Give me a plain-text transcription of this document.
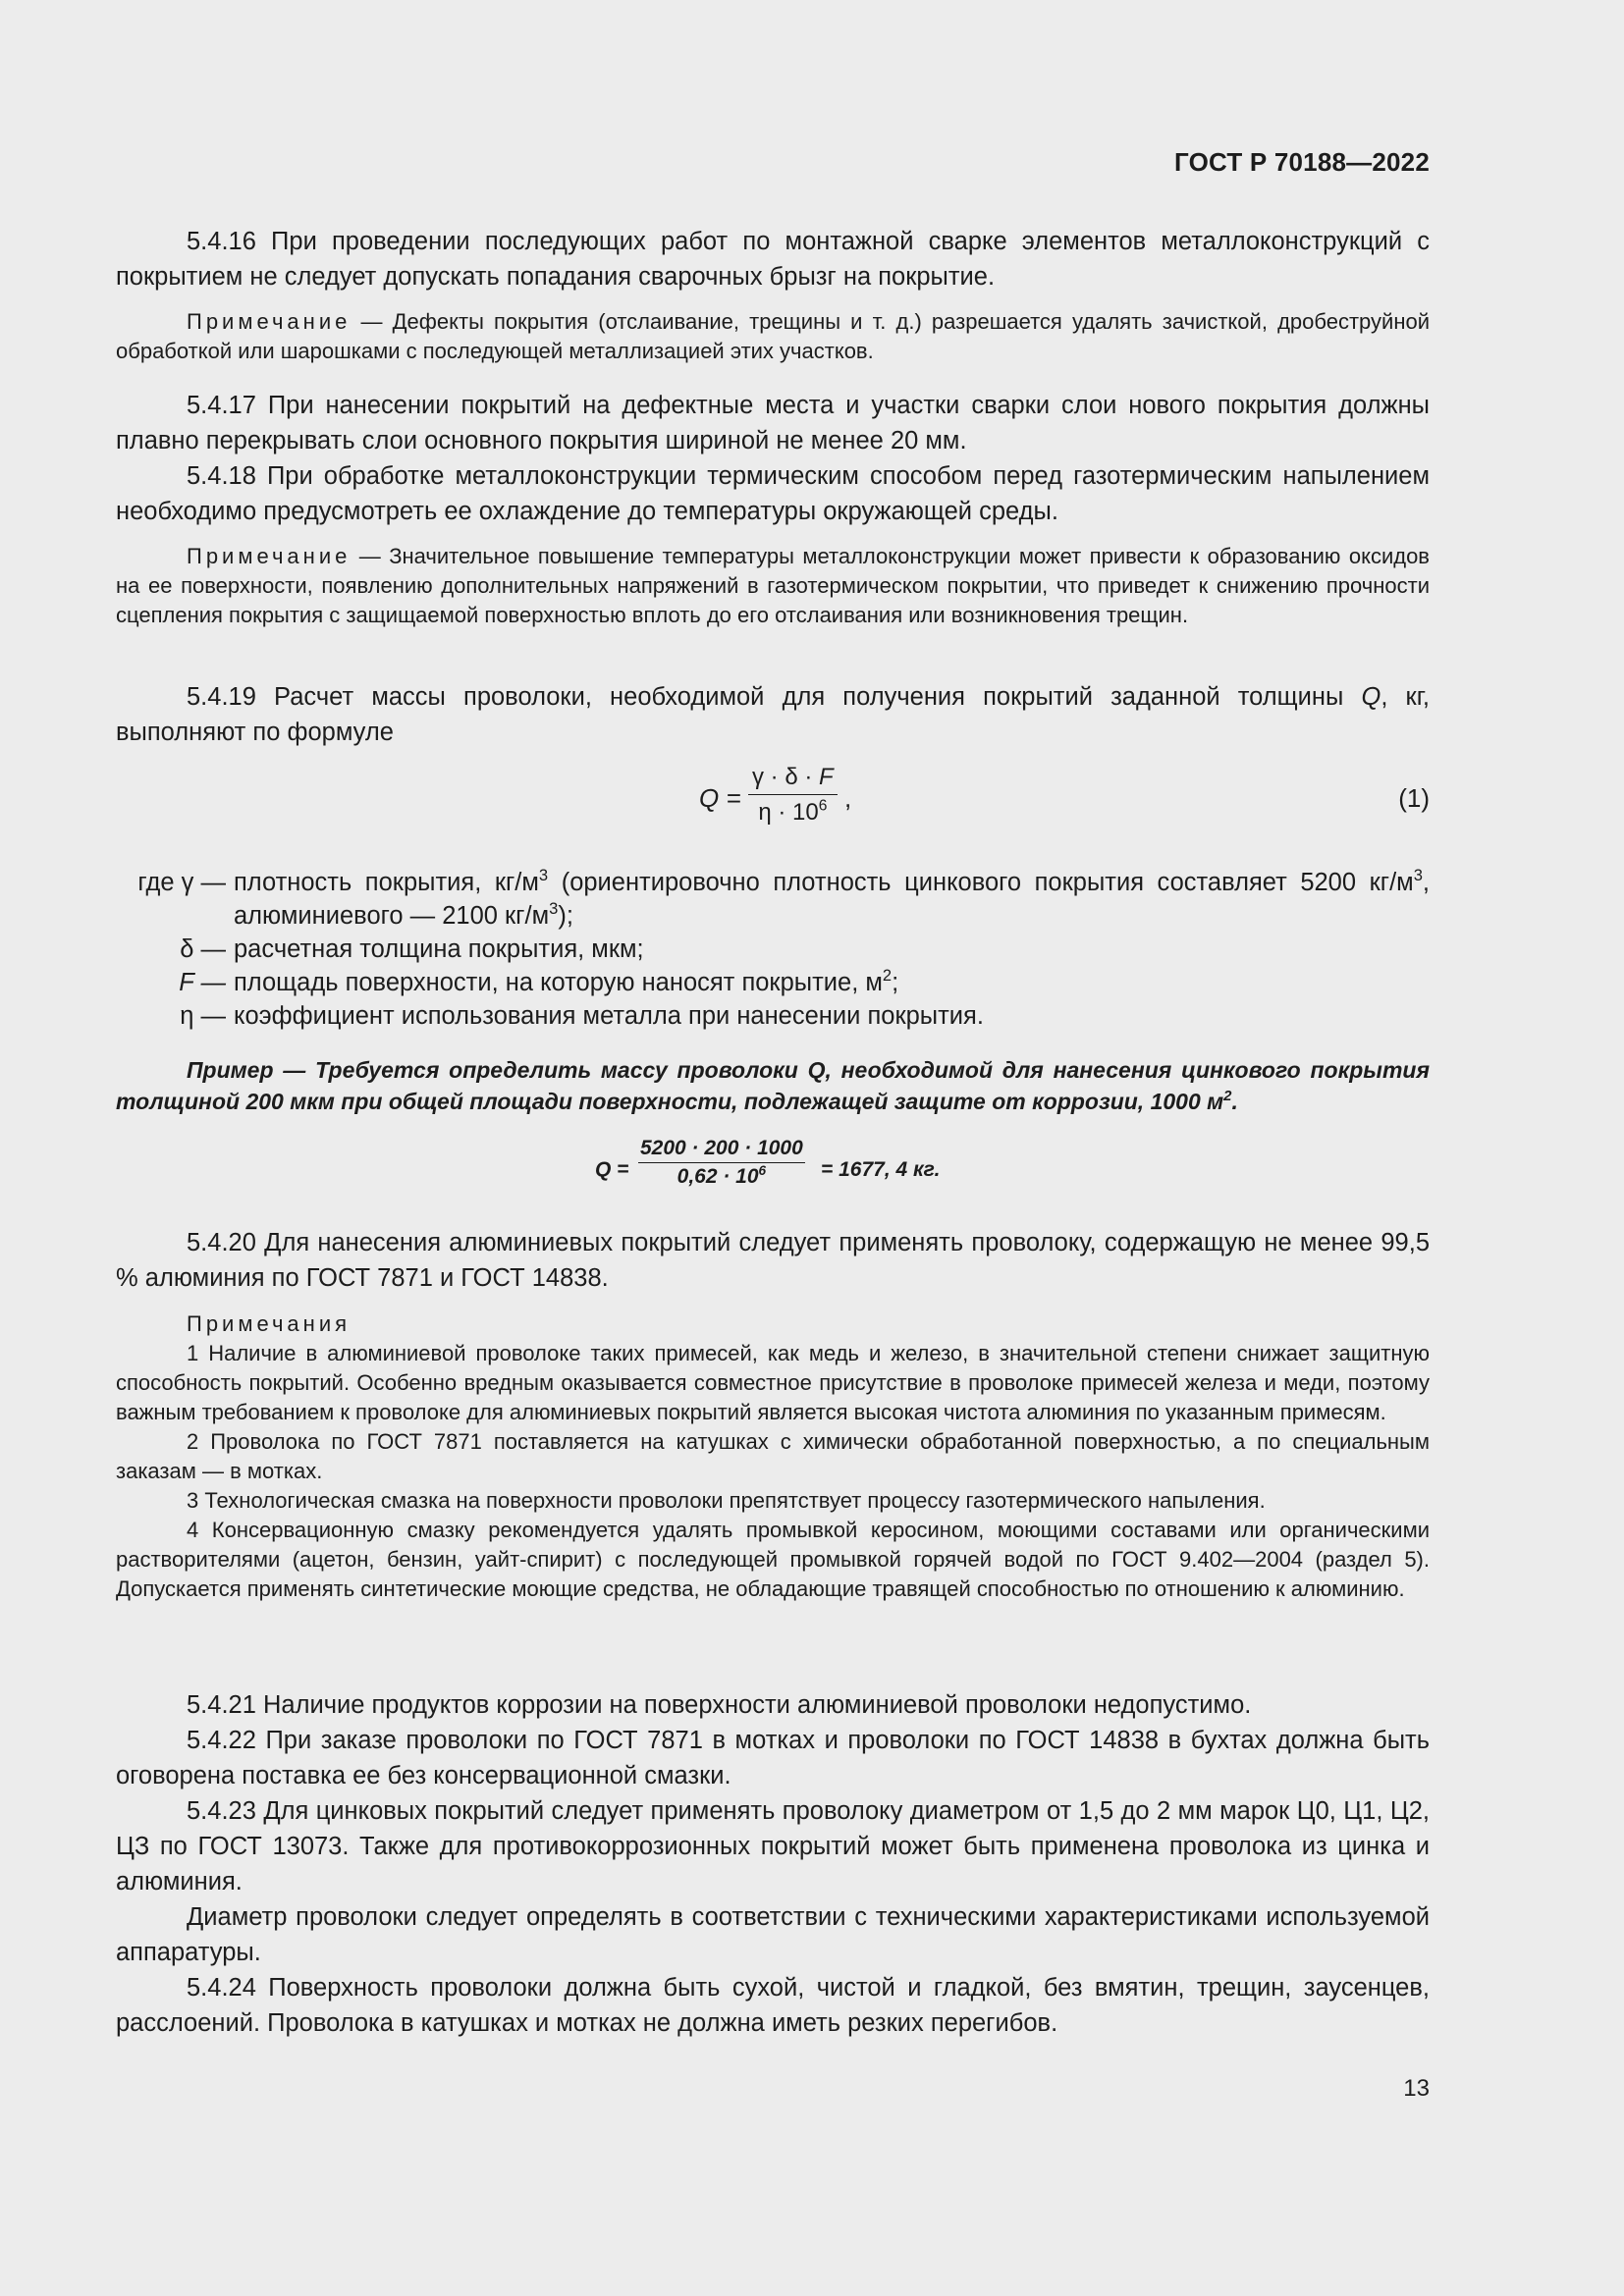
ГОСТ Р 70188—2022

5.4.16 При проведении последующих работ по монтажной сварке элементов металлоконструкций с покрытием не следует допускать попадания сварочных брызг на покрытие.

Примечание — Дефекты покрытия (отслаивание, трещины и т. д.) разрешается удалять зачисткой, дробеструйной обработкой или шарошками с последующей металлизацией этих участков.

5.4.17 При нанесении покрытий на дефектные места и участки сварки слои нового покрытия должны плавно перекрывать слои основного покрытия шириной не менее 20 мм.

5.4.18 При обработке металлоконструкции термическим способом перед газотермическим напылением необходимо предусмотреть ее охлаждение до температуры окружающей среды.

Примечание — Значительное повышение температуры металлоконструкции может привести к образованию оксидов на ее поверхности, появлению дополнительных напряжений в газотермическом покрытии, что приведет к снижению прочности сцепления покрытия с защищаемой поверхностью вплоть до его отслаивания или возникновения трещин.

5.4.19 Расчет массы проволоки, необходимой для получения покрытий заданной толщины Q, кг, выполняют по формуле

$Q = \frac{\gamma \cdot \delta \cdot F}{\eta \cdot 10^6}$ ,	(1)
где γ — плотность покрытия, $кг/м^3$ (ориентировочно плотность цинкового покрытия составляет 5200 $кг/м^3$, алюминиевого — 2100 $кг/м^3$);
δ — расчетная толщина покрытия, мкм;
F — площадь поверхности, на которую наносят покрытие, $м^2$;
η — коэффициент использования металла при нанесении покрытия.

Пример — Требуется определить массу проволоки Q, необходимой для нанесения цинкового покрытия толщиной 200 мкм при общей площади поверхности, подлежащей защите от коррозии, 1000 $м^2$.

$Q = \frac{5200 \cdot 200 \cdot 1000}{0,62 \cdot 10^6} = 1677$, 4 кг.

5.4.20 Для нанесения алюминиевых покрытий следует применять проволоку, содержащую не менее 99,5 % алюминия по ГОСТ 7871 и ГОСТ 14838.

Примечания

1 Наличие в алюминиевой проволоке таких примесей, как медь и железо, в значительной степени снижает защитную способность покрытий. Особенно вредным оказывается совместное присутствие в проволоке примесей железа и меди, поэтому важным требованием к проволоке для алюминиевых покрытий является высокая чистота алюминия по указанным примесям.

2 Проволока по ГОСТ 7871 поставляется на катушках с химически обработанной поверхностью, а по специальным заказам — в мотках.

3 Технологическая смазка на поверхности проволоки препятствует процессу газотермического напыления.

4 Консервационную смазку рекомендуется удалять промывкой керосином, моющими составами или органическими растворителями (ацетон, бензин, уайт-спирит) с последующей промывкой горячей водой по ГОСТ 9.402—2004 (раздел 5). Допускается применять синтетические моющие средства, не обладающие травящей способностью по отношению к алюминию.

5.4.21 Наличие продуктов коррозии на поверхности алюминиевой проволоки недопустимо.

5.4.22 При заказе проволоки по ГОСТ 7871 в мотках и проволоки по ГОСТ 14838 в бухтах должна быть оговорена поставка ее без консервационной смазки.

5.4.23 Для цинковых покрытий следует применять проволоку диаметром от 1,5 до 2 мм марок Ц0, Ц1, Ц2, ЦЗ по ГОСТ 13073. Также для противокоррозионных покрытий может быть применена проволока из цинка и алюминия.

Диаметр проволоки следует определять в соответствии с техническими характеристиками используемой аппаратуры.

5.4.24 Поверхность проволоки должна быть сухой, чистой и гладкой, без вмятин, трещин, заусенцев, расслоений. Проволока в катушках и мотках не должна иметь резких перегибов.

13
